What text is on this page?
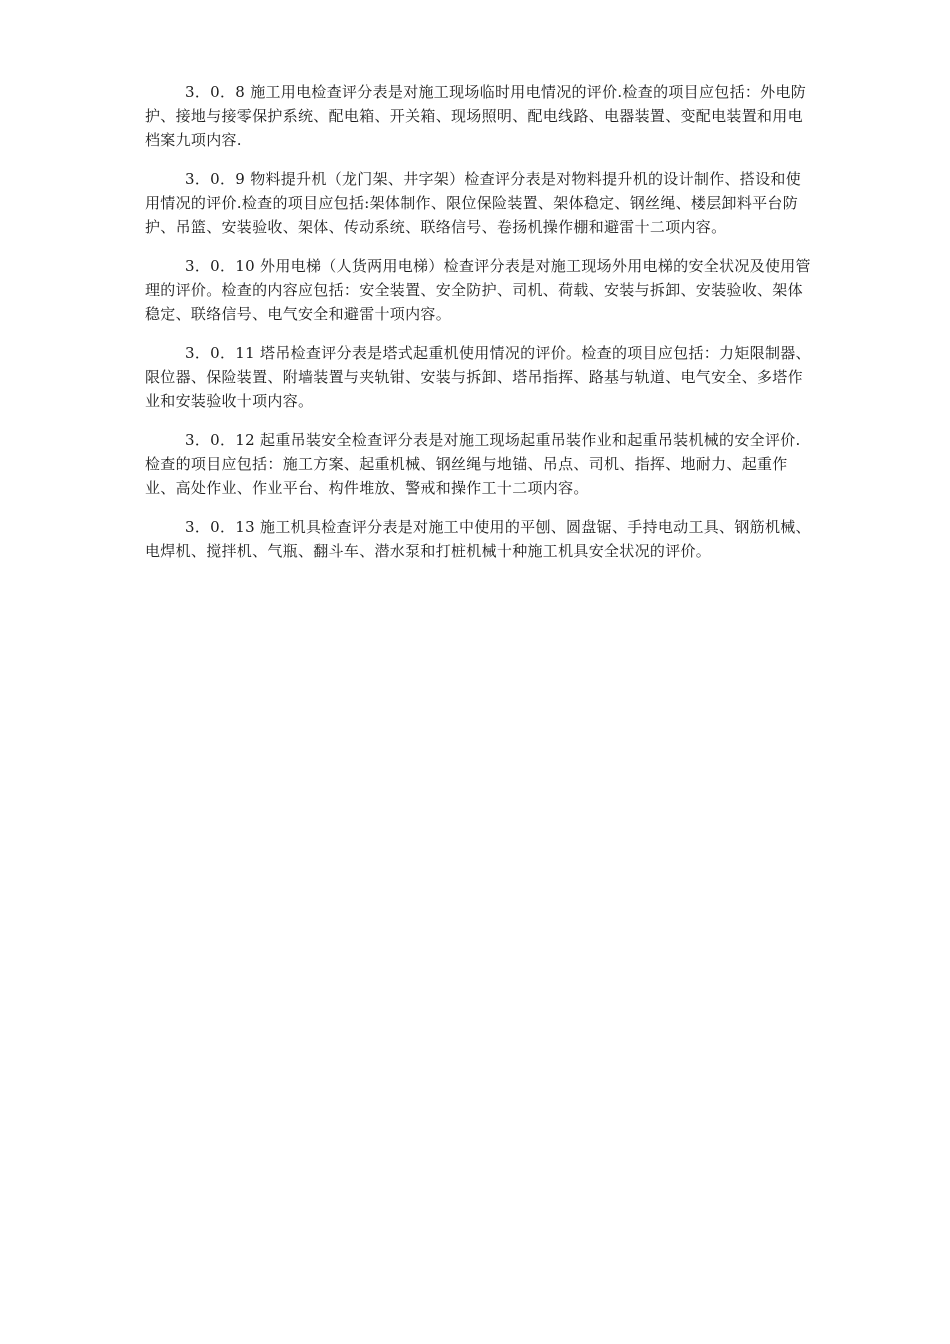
3．0．8 施工用电检查评分表是对施工现场临时用电情况的评价.检查的项目应包括：外电防护、接地与接零保护系统、配电箱、开关箱、现场照明、配电线路、电器装置、变配电装置和用电档案九项内容.

3．0．9 物料提升机（龙门架、井字架）检查评分表是对物料提升机的设计制作、搭设和使用情况的评价.检查的项目应包括:架体制作、限位保险装置、架体稳定、钢丝绳、楼层卸料平台防护、吊篮、安装验收、架体、传动系统、联络信号、卷扬机操作棚和避雷十二项内容。

3．0．10 外用电梯（人货两用电梯）检查评分表是对施工现场外用电梯的安全状况及使用管理的评价。检查的内容应包括：安全装置、安全防护、司机、荷载、安装与拆卸、安装验收、架体稳定、联络信号、电气安全和避雷十项内容。

3．0．11 塔吊检查评分表是塔式起重机使用情况的评价。检查的项目应包括：力矩限制器、限位器、保险装置、附墙装置与夹轨钳、安装与拆卸、塔吊指挥、路基与轨道、电气安全、多塔作业和安装验收十项内容。

3．0．12 起重吊装安全检查评分表是对施工现场起重吊装作业和起重吊装机械的安全评价.检查的项目应包括：施工方案、起重机械、钢丝绳与地锚、吊点、司机、指挥、地耐力、起重作业、高处作业、作业平台、构件堆放、警戒和操作工十二项内容。

3．0．13 施工机具检查评分表是对施工中使用的平刨、圆盘锯、手持电动工具、钢筋机械、电焊机、搅拌机、气瓶、翻斗车、潜水泵和打桩机械十种施工机具安全状况的评价。
